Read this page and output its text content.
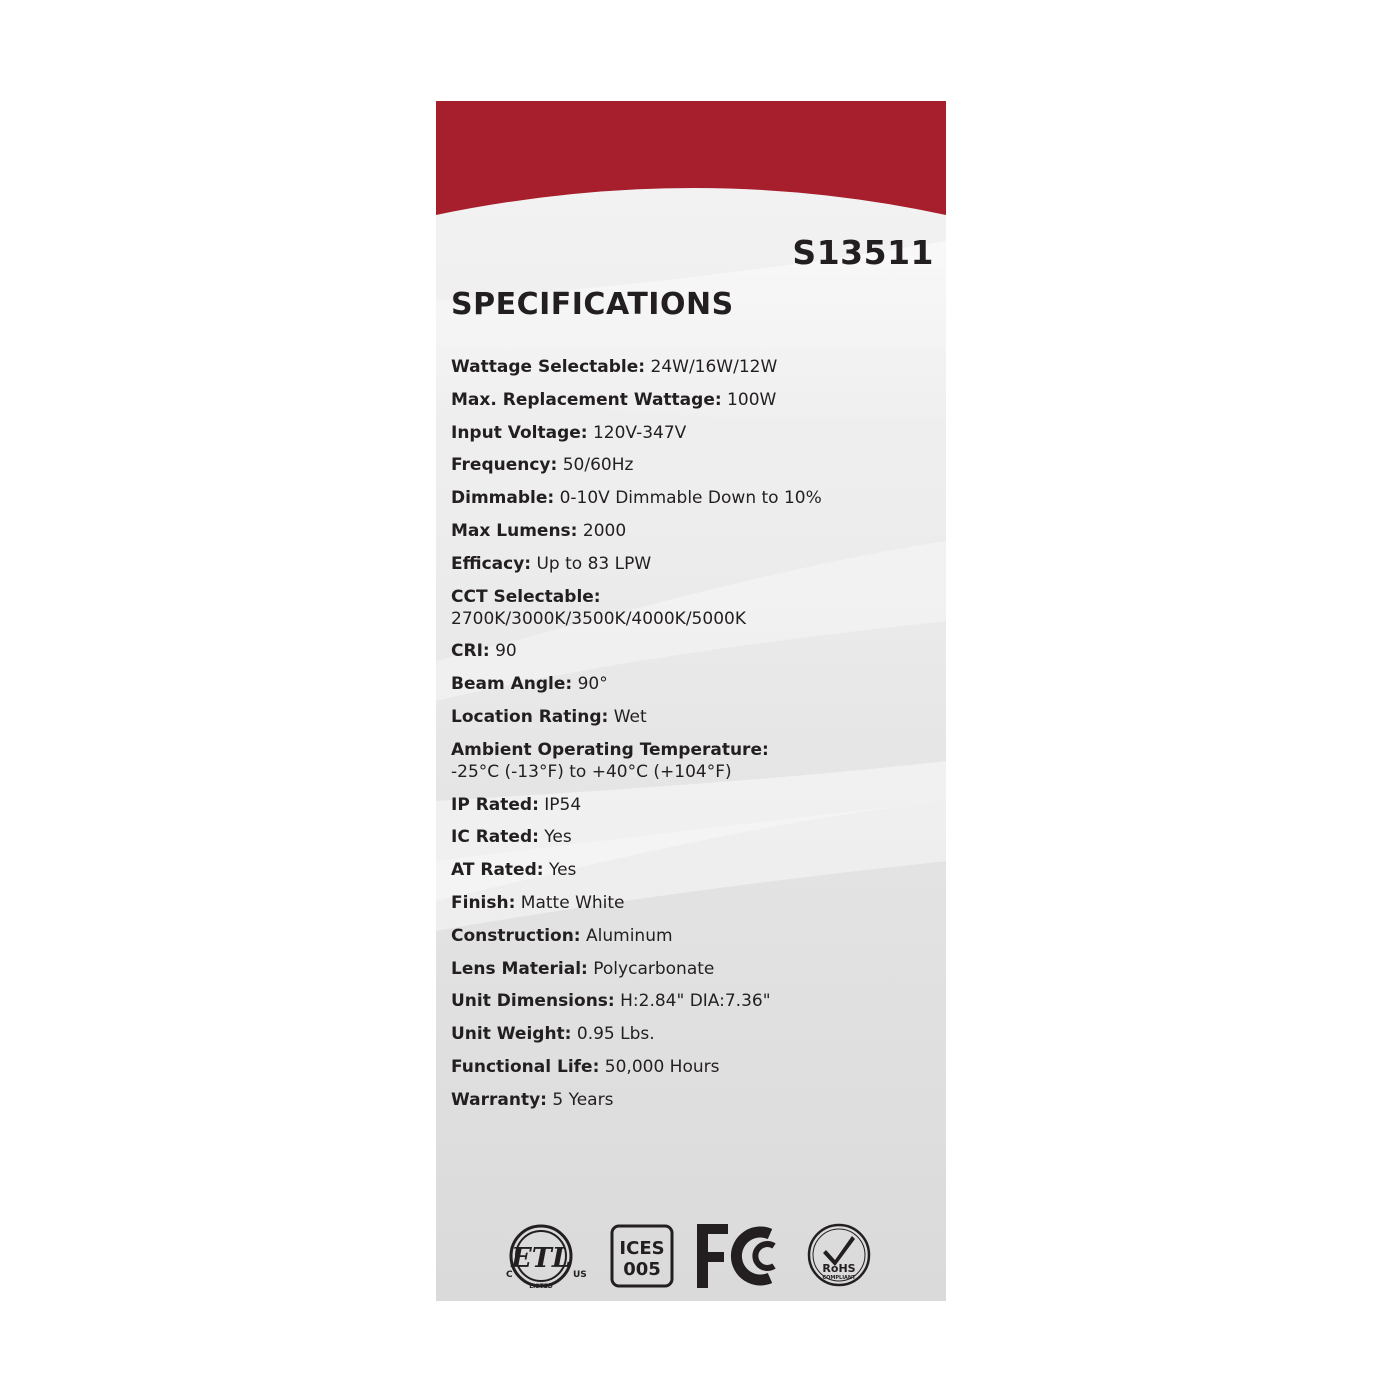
S13511
SPECIFICATIONS
Wattage Selectable: 24W/16W/12W
Max. Replacement Wattage: 100W
Input Voltage: 120V-347V
Frequency: 50/60Hz
Dimmable: 0-10V Dimmable Down to 10%
Max Lumens: 2000
Efficacy: Up to 83 LPW
CCT Selectable:
2700K/3000K/3500K/4000K/5000K
CRI: 90
Beam Angle: 90°
Location Rating: Wet
Ambient Operating Temperature:
-25°C (-13°F) to +40°C (+104°F)
IP Rated: IP54
IC Rated: Yes
AT Rated: Yes
Finish: Matte White
Construction: Aluminum
Lens Material: Polycarbonate
Unit Dimensions: H:2.84" DIA:7.36"
Unit Weight: 0.95 Lbs.
Functional Life: 50,000 Hours
Warranty: 5 Years
ETL
C	US
LISTED
ICES
005	RoHS
COMPLIANT
